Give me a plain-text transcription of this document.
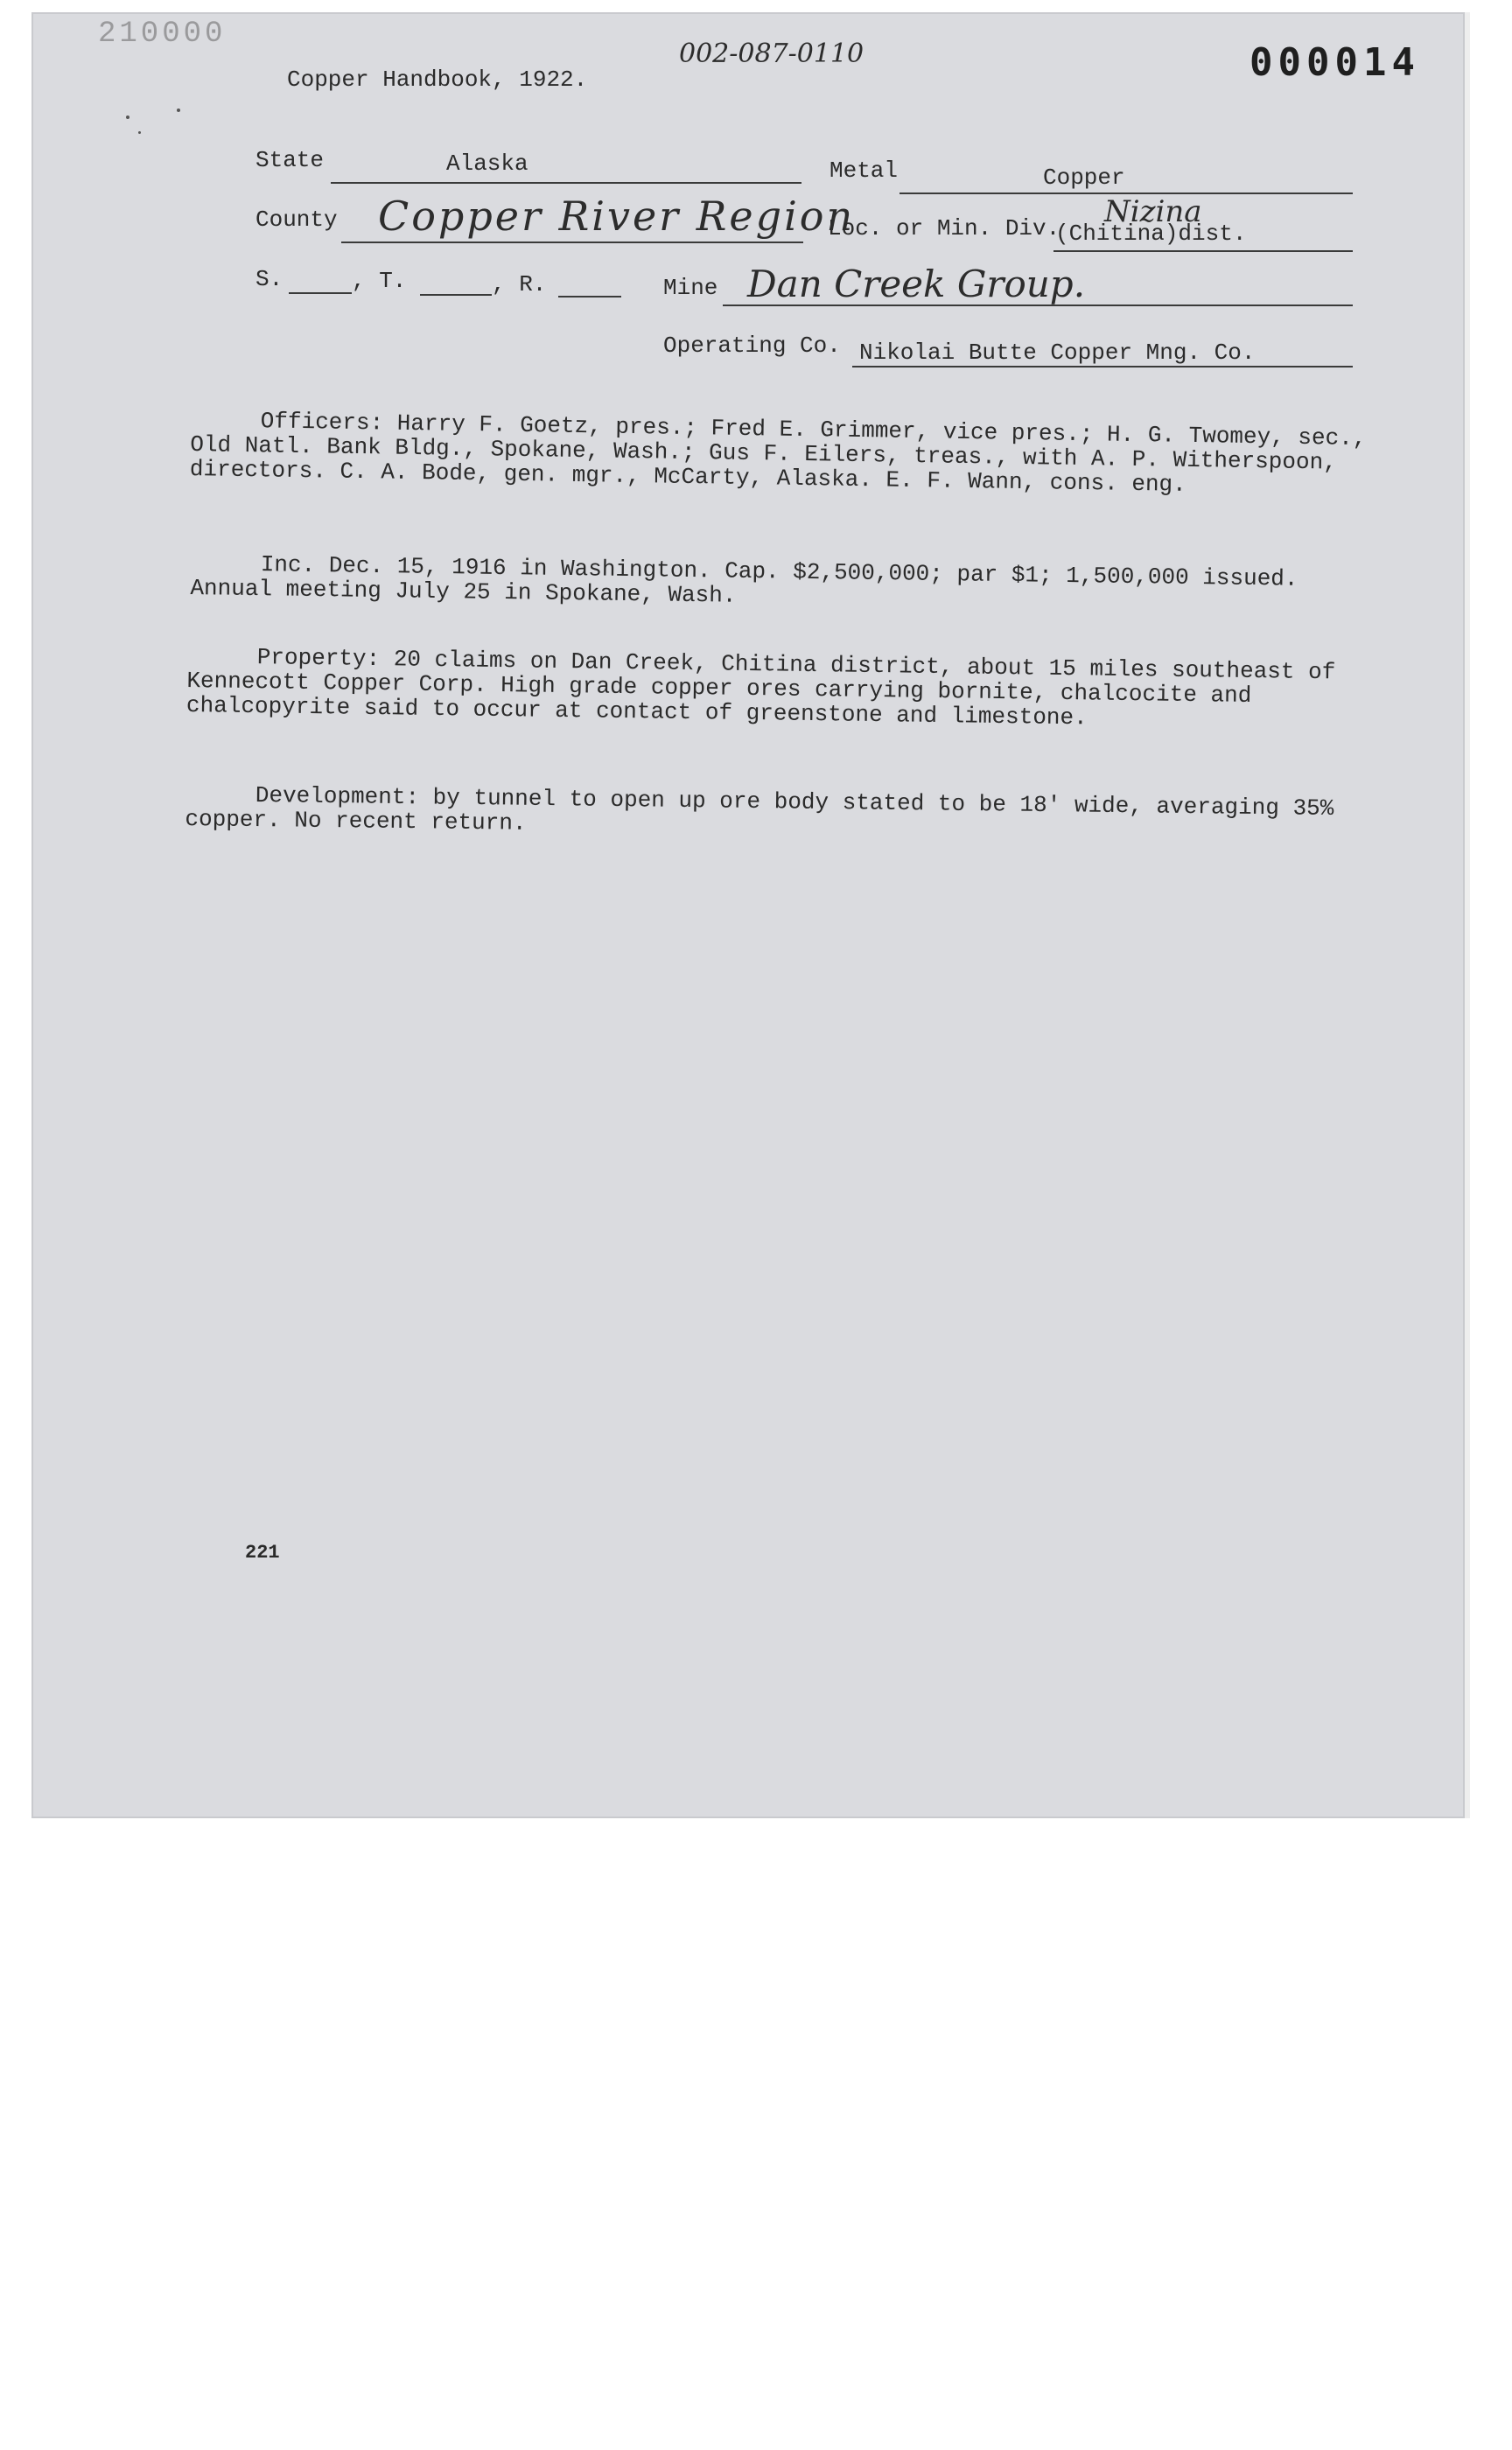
210000
002-087-0110	000014
Copper Handbook, 1922.
State	Alaska	Metal	Copper
County Copper River Region
Loc. or Min. Div. Nizina
(Chitina)dist.
S.	, T.	, R.	Mine Dan Creek Group.
Operating Co. Nikolai Butte Copper Mng. Co.
Officers: Harry F. Goetz, pres.; Fred E. Grimmer, vice pres.; H. G. Twomey, sec., Old Natl. Bank Bldg., Spokane, Wash.; Gus F. Eilers, treas., with A. P. Witherspoon, directors. C. A. Bode, gen. mgr., McCarty, Alaska. E. F. Wann, cons. eng.
Inc. Dec. 15, 1916 in Washington. Cap. $2,500,000; par $1; 1,500,000 issued. Annual meeting July 25 in Spokane, Wash.
Property: 20 claims on Dan Creek, Chitina district, about 15 miles southeast of Kennecott Copper Corp. High grade copper ores carrying bornite, chalcocite and chalcopyrite said to occur at contact of greenstone and limestone.
Development: by tunnel to open up ore body stated to be 18' wide, averaging 35% copper. No recent return.
221
